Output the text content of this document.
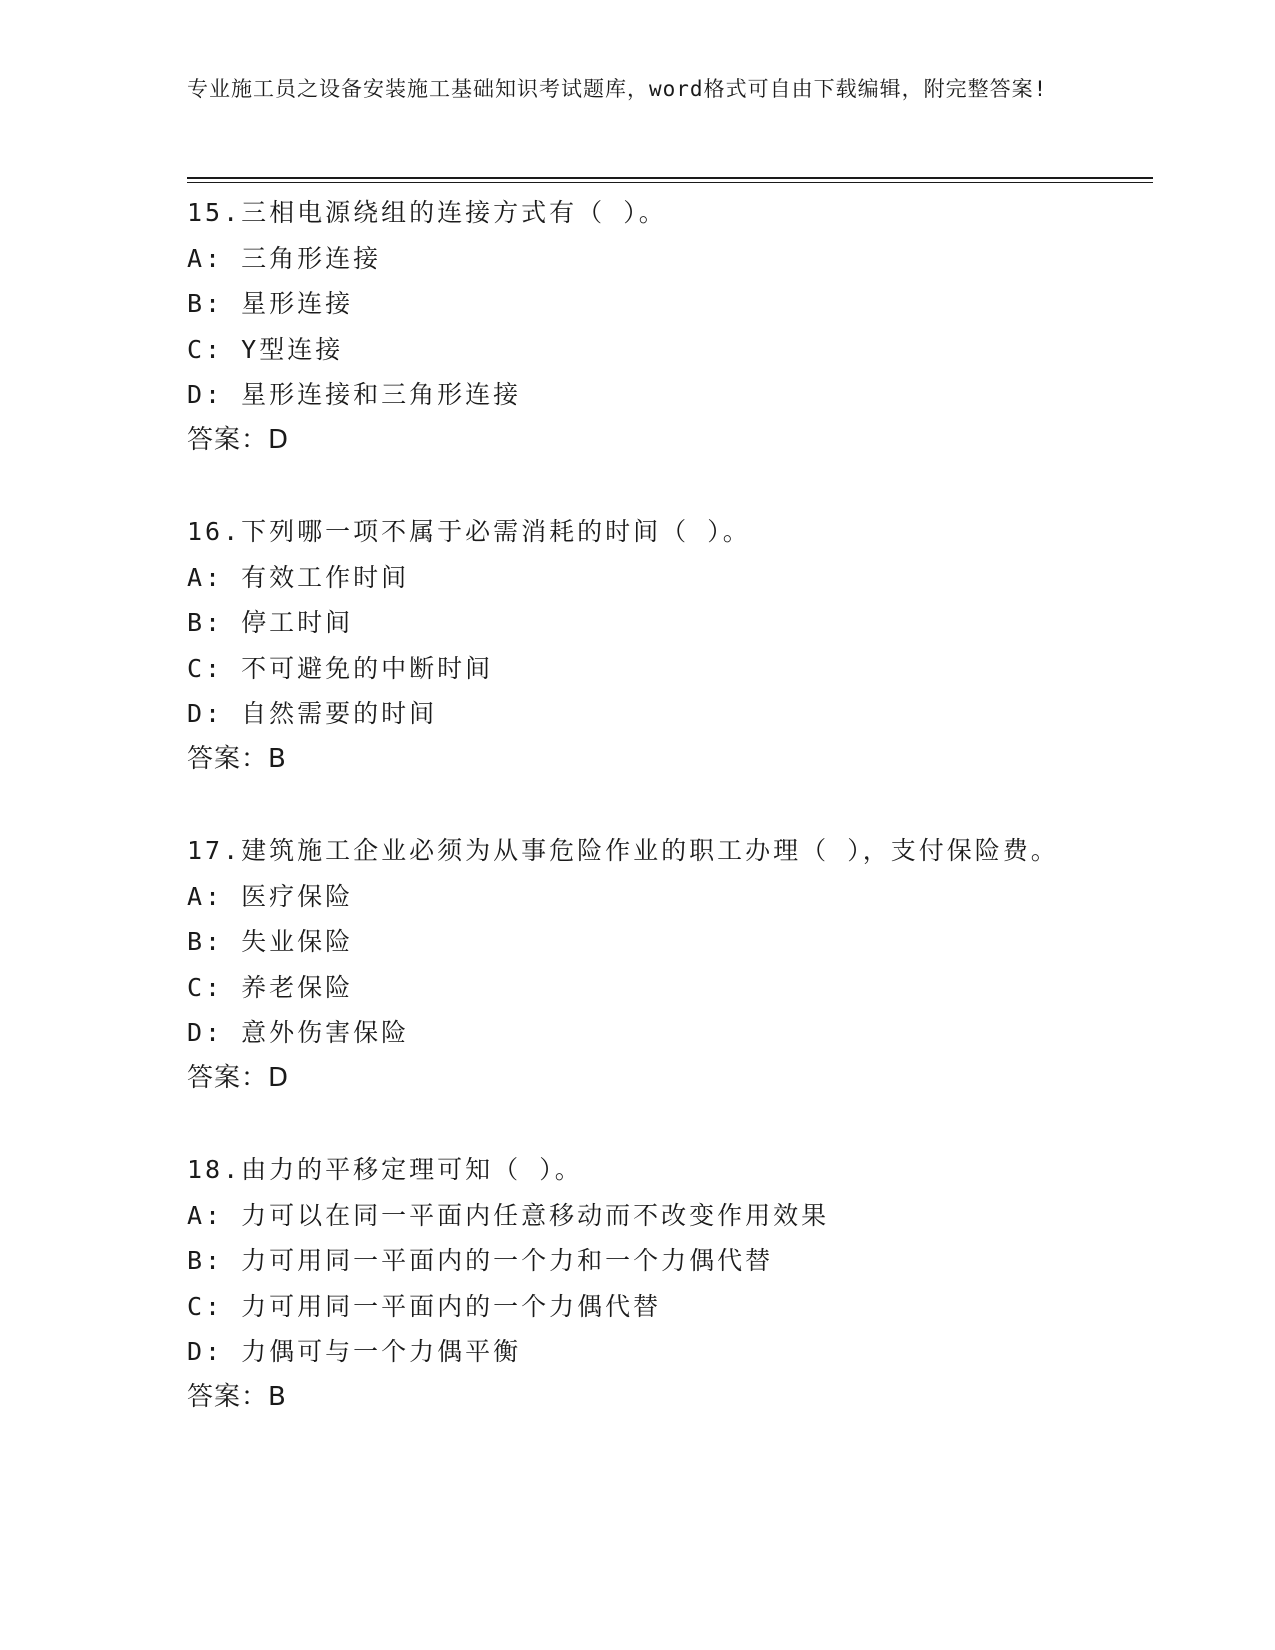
专业施工员之设备安装施工基础知识考试题库，word格式可自由下载编辑，附完整答案!
15.三相电源绕组的连接方式有（ ）。
A: 三角形连接
B: 星形连接
C: Y型连接
D: 星形连接和三角形连接
答案：D
16.下列哪一项不属于必需消耗的时间（ ）。
A: 有效工作时间
B: 停工时间
C: 不可避免的中断时间
D: 自然需要的时间
答案：B
17.建筑施工企业必须为从事危险作业的职工办理（ ），支付保险费。
A: 医疗保险
B: 失业保险
C: 养老保险
D: 意外伤害保险
答案：D
18.由力的平移定理可知（ ）。
A: 力可以在同一平面内任意移动而不改变作用效果
B: 力可用同一平面内的一个力和一个力偶代替
C: 力可用同一平面内的一个力偶代替
D: 力偶可与一个力偶平衡
答案：B
